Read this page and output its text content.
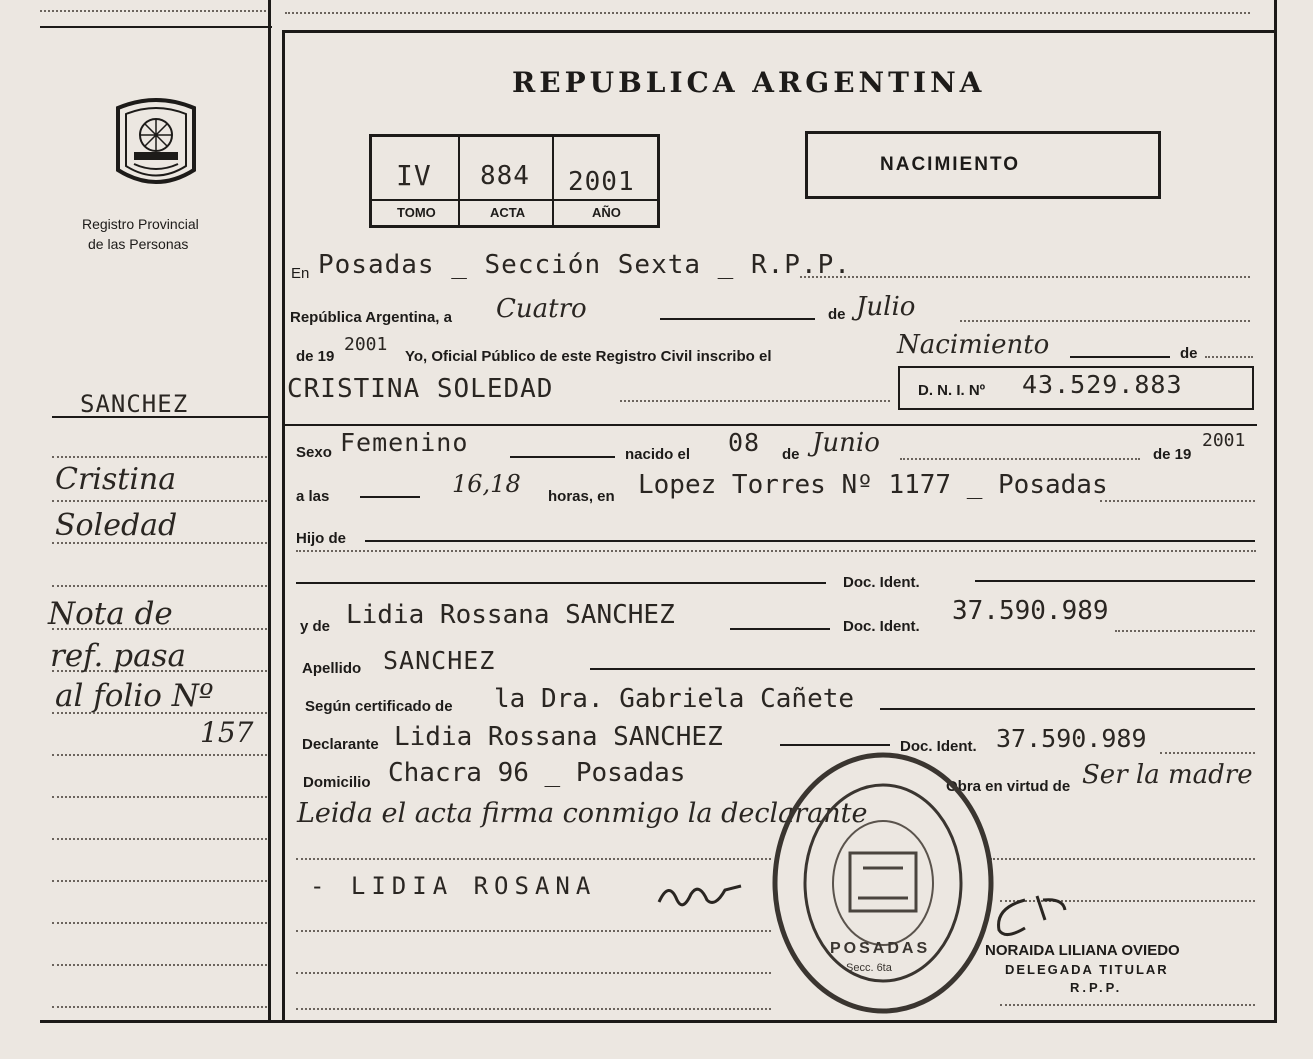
Registro Provincial
de las Personas
SANCHEZ
Cristina
Soledad
Nota de
ref. pasa
al folio Nº
157
REPUBLICA ARGENTINA
IV 884 2001
TOMO	ACTA	AÑO
NACIMIENTO
En Posadas _ Sección Sexta _ R.P.P.
República Argentina, a Cuatro	de Julio
de 19
2001
Yo, Oficial Público de este Registro Civil inscribo el	Nacimiento	de
CRISTINA SOLEDAD	D. N. I. Nº 43.529.883
Sexo Femenino	nacido el 08 de Junio	de 19
2001
a las	16,18 horas, en Lopez Torres Nº 1177 _ Posadas
Hijo de
Doc. Ident.
y de Lidia Rossana SANCHEZ	Doc. Ident.
37.590.989
Apellido SANCHEZ
Según certificado de la Dra. Gabriela Cañete
Declarante Lidia Rossana SANCHEZ	Doc. Ident. 37.590.989
Domicilio Chacra 96 _ Posadas	Obra en virtud de Ser la madre
Leida el acta firma conmigo la declarante
- LIDIA ROSANA
POSADAS
Secc. 6ta
NORAIDA LILIANA OVIEDO
DELEGADA TITULAR
R.P.P.
